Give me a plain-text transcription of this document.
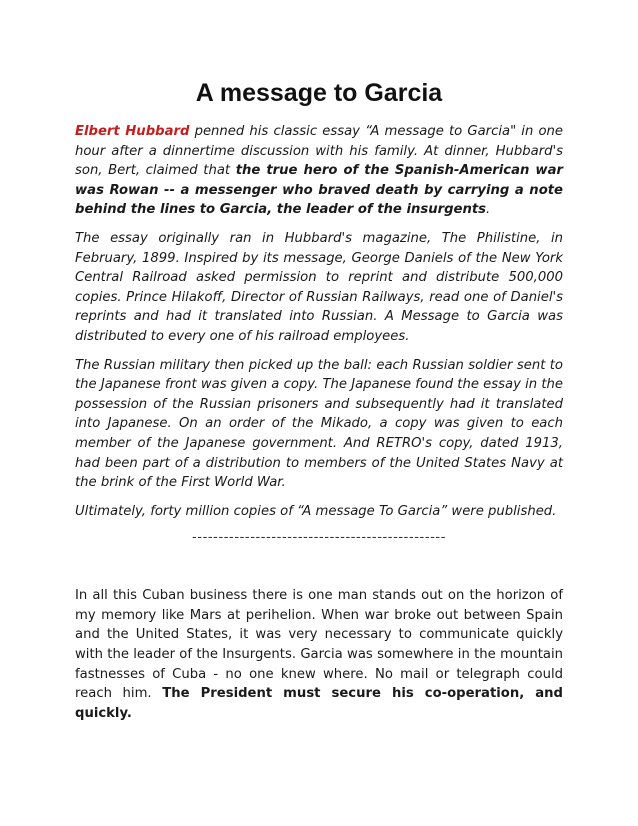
A message to Garcia

Elbert Hubbard penned his classic essay “A message to Garcia" in one hour after a dinnertime discussion with his family. At dinner, Hubbard's son, Bert, claimed that the true hero of the Spanish-American war was Rowan -- a messenger who braved death by carrying a note behind the lines to Garcia, the leader of the insurgents.

The essay originally ran in Hubbard's magazine, The Philistine, in February, 1899. Inspired by its message, George Daniels of the New York Central Railroad asked permission to reprint and distribute 500,000 copies. Prince Hilakoff, Director of Russian Railways, read one of Daniel's reprints and had it translated into Russian. A Message to Garcia was distributed to every one of his railroad employees.

The Russian military then picked up the ball: each Russian soldier sent to the Japanese front was given a copy. The Japanese found the essay in the possession of the Russian prisoners and subsequently had it translated into Japanese. On an order of the Mikado, a copy was given to each member of the Japanese government. And RETRO's copy, dated 1913, had been part of a distribution to members of the United States Navy at the brink of the First World War.

Ultimately, forty million copies of “A message To Garcia” were published.

------------------------------------------------

In all this Cuban business there is one man stands out on the horizon of my memory like Mars at perihelion. When war broke out between Spain and the United States, it was very necessary to communicate quickly with the leader of the Insurgents. Garcia was somewhere in the mountain fastnesses of Cuba - no one knew where. No mail or telegraph could reach him. The President must secure his co-operation, and quickly.
